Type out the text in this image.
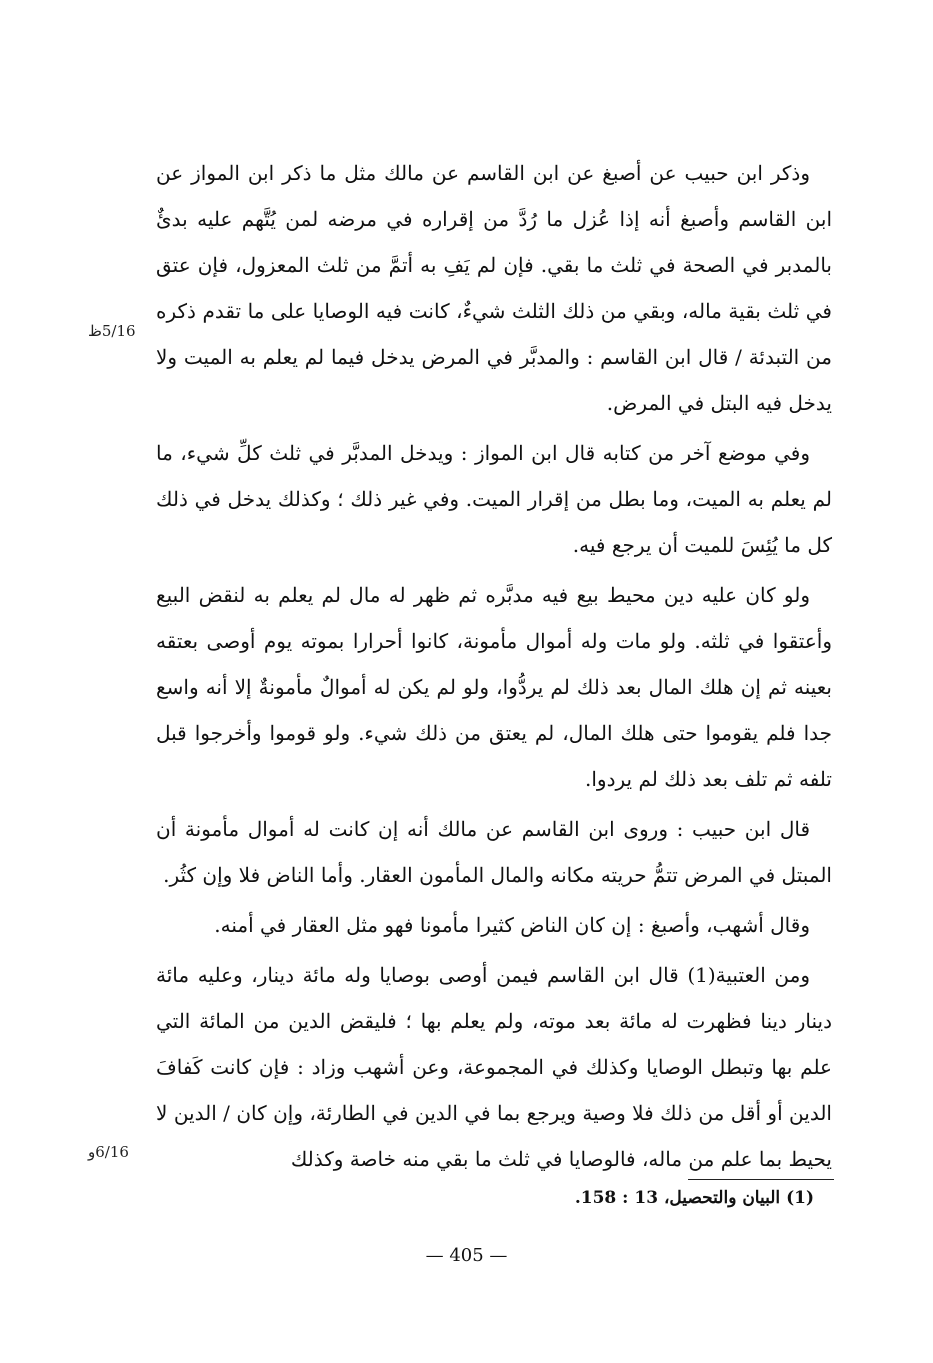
وذكر ابن حبيب عن أصبغ عن ابن القاسم عن مالك مثل ما ذكر ابن المواز عن ابن القاسم وأصبغ أنه إذا عُزل ما رُدَّ من إقراره في مرضه لمن يُتَّهم عليه بدئٌ بالمدبر في الصحة في ثلث ما بقي. فإن لم يَفِ به أتمَّ من ثلث المعزول، فإن عتق في ثلث بقية ماله، وبقي من ذلك الثلث شيءٌ، كانت فيه الوصايا على ما تقدم ذكره من التبدئة / قال ابن القاسم : والمدبَّر في المرض يدخل فيما لم يعلم به الميت ولا يدخل فيه البتل في المرض.

وفي موضع آخر من كتابه قال ابن المواز : ويدخل المدبَّر في ثلث كلِّ شيء، ما لم يعلم به الميت، وما بطل من إقرار الميت. وفي غير ذلك ؛ وكذلك يدخل في ذلك كل ما يُئِسَ للميت أن يرجع فيه.

ولو كان عليه دين محيط بيع فيه مدبَّره ثم ظهر له مال لم يعلم به لنقض البيع وأعتقوا في ثلثه. ولو مات وله أموال مأمونة، كانوا أحرارا بموته يوم أوصى بعتقه بعينه ثم إن هلك المال بعد ذلك لم يردُّوا، ولو لم يكن له أموالٌ مأمونةٌ إلا أنه واسع جدا فلم يقوموا حتى هلك المال، لم يعتق من ذلك شيء. ولو قوموا وأخرجوا قبل تلفه ثم تلف بعد ذلك لم يردوا.

قال ابن حبيب : وروى ابن القاسم عن مالك أنه إن كانت له أموال مأمونة أن المبتل في المرض تتمُّ حريته مكانه والمال المأمون العقار. وأما الناض فلا وإن كثُر.

وقال أشهب، وأصبغ : إن كان الناض كثيرا مأمونا فهو مثل العقار في أمنه.

ومن العتبية(1) قال ابن القاسم فيمن أوصى بوصايا وله مائة دينار، وعليه مائة دينار دينا فظهرت له مائة بعد موته، ولم يعلم بها ؛ فليقض الدين من المائة التي علم بها وتبطل الوصايا وكذلك في المجموعة، وعن أشهب وزاد : فإن كانت كَفافَ الدين أو أقل من ذلك فلا وصية ويرجع بما في الدين في الطارئة، وإن كان / الدين لا يحيط بما علم من ماله، فالوصايا في ثلث ما بقي منه خاصة وكذلك

5/16ظ
6/16و
(1) البيان والتحصيل، 13 : 158.
— 405 —
